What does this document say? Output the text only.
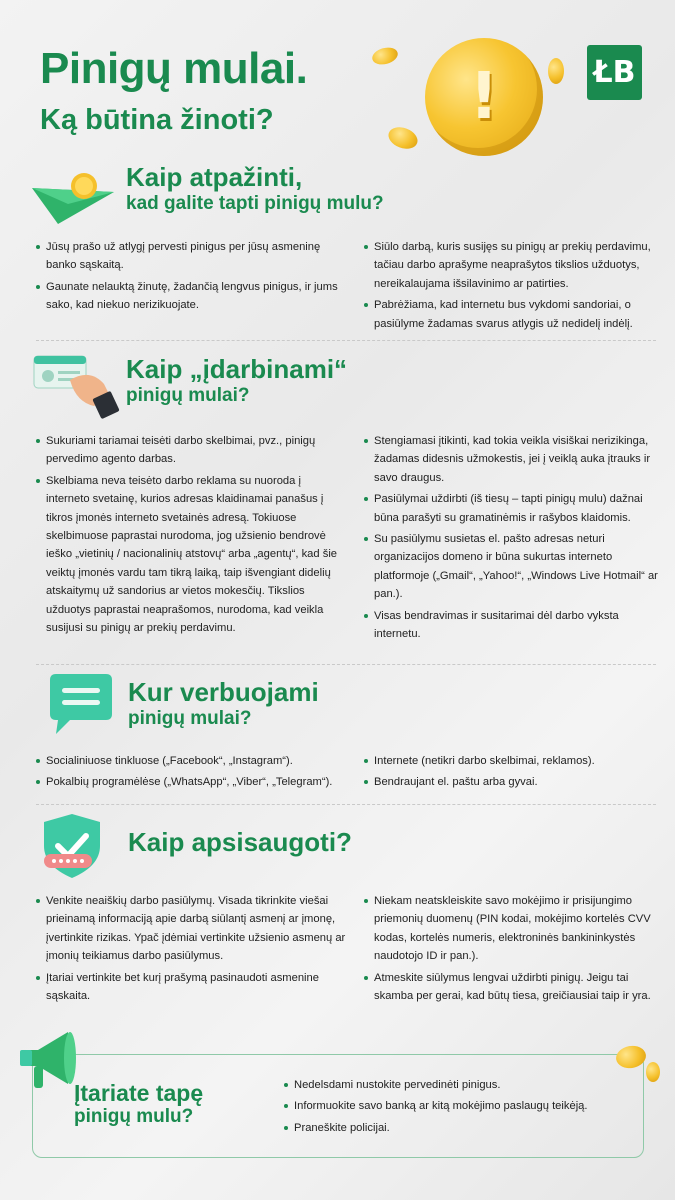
Pinigų mulai.
Ką būtina žinoti?	!	ŁB
Kaip atpažinti,
kad galite tapti pinigų mulu?
Jūsų prašo už atlygį pervesti pinigus per jūsų asmeninę banko sąskaitą.
Gaunate nelauktą žinutę, žadančią lengvus pinigus, ir jums sako, kad niekuo nerizikuojate.
Siūlo darbą, kuris susijęs su pinigų ar prekių perdavimu, tačiau darbo aprašyme neaprašytos tikslios užduotys, nereikalaujama išsilavinimo ar patirties.
Pabrėžiama, kad internetu bus vykdomi sandoriai, o pasiūlyme žadamas svarus atlygis už nedidelį indėlį.
Kaip „įdarbinami“
pinigų mulai?
Sukuriami tariamai teisėti darbo skelbimai, pvz., pinigų pervedimo agento darbas.
Skelbiama neva teisėto darbo reklama su nuoroda į interneto svetainę, kurios adresas klaidinamai panašus į tikros įmonės interneto svetainės adresą. Tokiuose skelbimuose paprastai nurodoma, jog užsienio bendrovė ieško „vietinių / nacionalinių atstovų“ arba „agentų“, kad šie veiktų įmonės vardu tam tikrą laiką, taip išvengiant didelių atskaitymų už sandorius ar vietos mokesčių. Tikslios užduotys paprastai neaprašomos, nurodoma, kad veikla susijusi su pinigų ar prekių perdavimu.
Stengiamasi įtikinti, kad tokia veikla visiškai nerizikinga, žadamas didesnis užmokestis, jei į veiklą auka įtrauks ir savo draugus.
Pasiūlymai uždirbti (iš tiesų – tapti pinigų mulu) dažnai būna parašyti su gramatinėmis ir rašybos klaidomis.
Su pasiūlymu susietas el. pašto adresas neturi organizacijos domeno ir būna sukurtas interneto platformoje („Gmail“, „Yahoo!“, „Windows Live Hotmail“ ar pan.).
Visas bendravimas ir susitarimai dėl darbo vyksta internetu.
Kur verbuojami
pinigų mulai?
Socialiniuose tinkluose („Facebook“, „Instagram“).
Pokalbių programėlėse („WhatsApp“, „Viber“, „Telegram“).
Internete (netikri darbo skelbimai, reklamos).
Bendraujant el. paštu arba gyvai.
Kaip apsisaugoti?
Venkite neaiškių darbo pasiūlymų. Visada tikrinkite viešai prieinamą informaciją apie darbą siūlantį asmenį ar įmonę, įvertinkite rizikas. Ypač įdėmiai vertinkite užsienio asmenų ar įmonių teikiamus darbo pasiūlymus.
Įtariai vertinkite bet kurį prašymą pasinaudoti asmenine sąskaita.
Niekam neatskleiskite savo mokėjimo ir prisijungimo priemonių duomenų (PIN kodai, mokėjimo kortelės CVV kodas, kortelės numeris, elektroninės bankininkystės naudotojo ID ir pan.).
Atmeskite siūlymus lengvai uždirbti pinigų. Jeigu tai skamba per gerai, kad būtų tiesa, greičiausiai taip ir yra.
Įtariate tapę
pinigų mulu?
Nedelsdami nustokite pervedinėti pinigus.
Informuokite savo banką ar kitą mokėjimo paslaugų teikėją.
Praneškite policijai.
